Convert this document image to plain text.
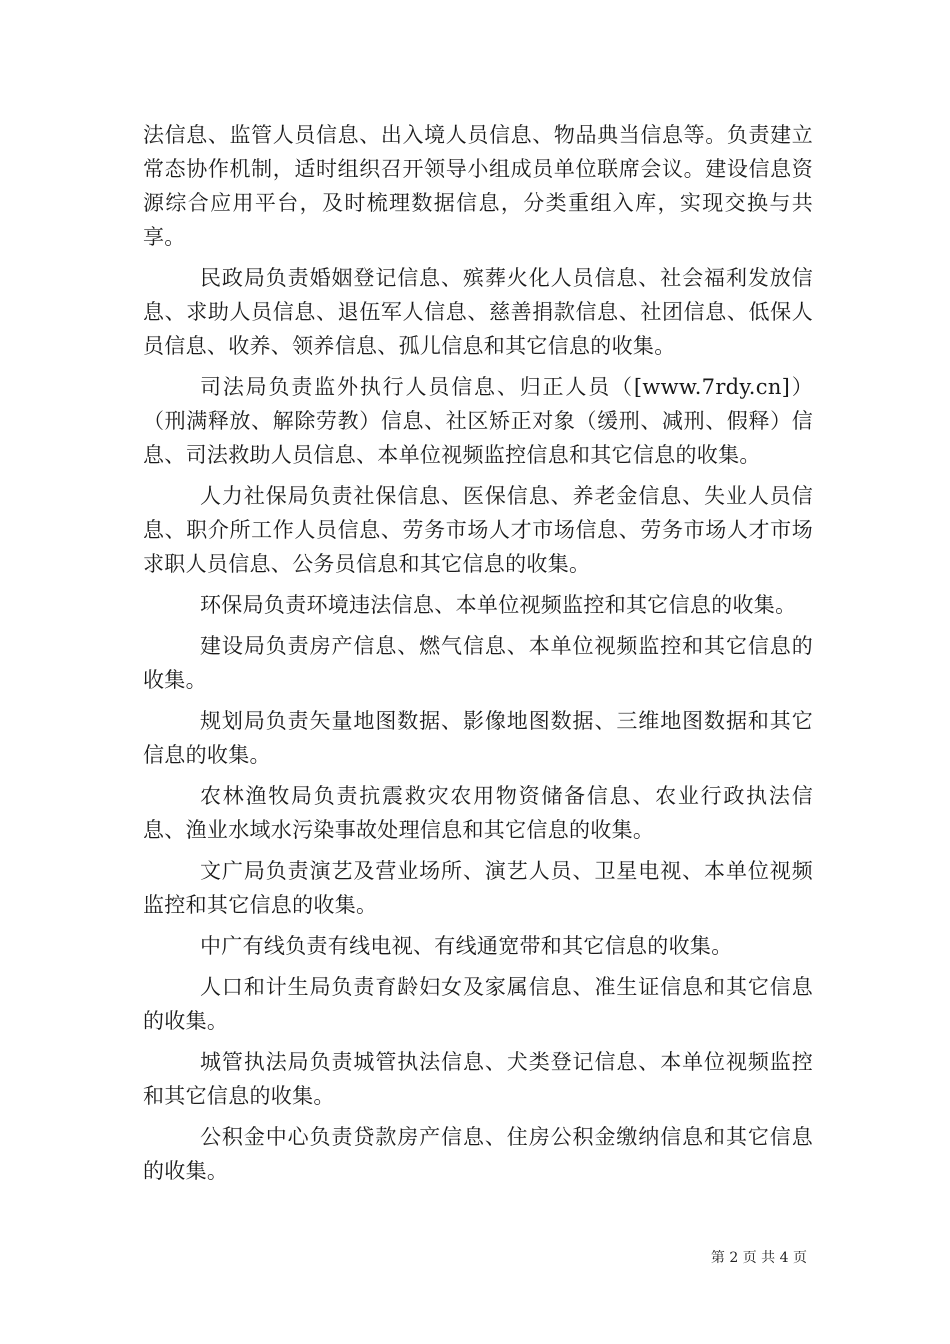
法信息、监管人员信息、出入境人员信息、物品典当信息等。负责建立常态协作机制，适时组织召开领导小组成员单位联席会议。建设信息资源综合应用平台，及时梳理数据信息，分类重组入库，实现交换与共享。

民政局负责婚姻登记信息、殡葬火化人员信息、社会福利发放信息、求助人员信息、退伍军人信息、慈善捐款信息、社团信息、低保人员信息、收养、领养信息、孤儿信息和其它信息的收集。

司法局负责监外执行人员信息、归正人员（[www.7rdy.cn]）（刑满释放、解除劳教）信息、社区矫正对象（缓刑、减刑、假释）信息、司法救助人员信息、本单位视频监控信息和其它信息的收集。

人力社保局负责社保信息、医保信息、养老金信息、失业人员信息、职介所工作人员信息、劳务市场人才市场信息、劳务市场人才市场求职人员信息、公务员信息和其它信息的收集。

环保局负责环境违法信息、本单位视频监控和其它信息的收集。

建设局负责房产信息、燃气信息、本单位视频监控和其它信息的收集。

规划局负责矢量地图数据、影像地图数据、三维地图数据和其它信息的收集。

农林渔牧局负责抗震救灾农用物资储备信息、农业行政执法信息、渔业水域水污染事故处理信息和其它信息的收集。

文广局负责演艺及营业场所、演艺人员、卫星电视、本单位视频监控和其它信息的收集。

中广有线负责有线电视、有线通宽带和其它信息的收集。

人口和计生局负责育龄妇女及家属信息、准生证信息和其它信息的收集。

城管执法局负责城管执法信息、犬类登记信息、本单位视频监控和其它信息的收集。

公积金中心负责贷款房产信息、住房公积金缴纳信息和其它信息的收集。

第 2 页 共 4 页
